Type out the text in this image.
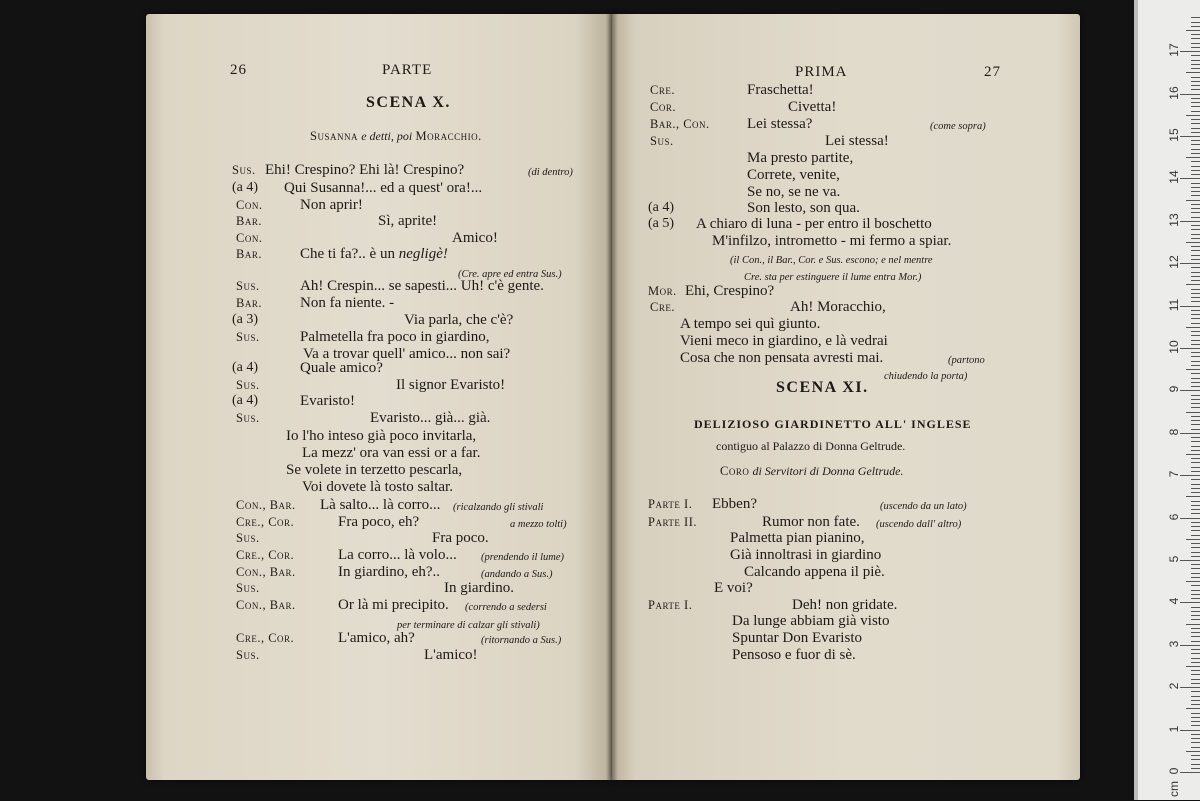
26	PARTE
SCENA X.
Susanna e detti, poi Moracchio.
Sus. Ehi! Crespino? Ehi là! Crespino?	(di dentro)
(a 4) Qui Susanna!... ed a quest' ora!...
Con.	Non aprir!
Bar.	Sì, aprite!
Con.	Amico!
Bar.	Che ti fa?.. è un negligè!
(Cre. apre ed entra Sus.)
Sus.	Ah! Crespin... se sapesti... Uh! c'è gente.
Bar.	Non fa niente. -
(a 3)	Via parla, che c'è?
Sus.	Palmetella fra poco in giardino,
Va a trovar quell' amico... non sai?
(a 4)	Quale amico?
Sus.	Il signor Evaristo!
(a 4)	Evaristo!
Sus.	Evaristo... già... già.
Io l'ho inteso già poco invitarla,
La mezz' ora van essi or a far.
Se volete in terzetto pescarla,
Voi dovete là tosto saltar.
Con., Bar. Là salto... là corro... (ricalzando gli stivali
Cre., Cor.	Fra poco, eh?	a mezzo tolti)
Sus.	Fra poco.
Cre., Cor.	La corro... là volo... (prendendo il lume)
Con., Bar.	In giardino, eh?..	(andando a Sus.)
Sus.	In giardino.
Con., Bar.	Or là mi precipito. (correndo a sedersi
per terminare di calzar gli stivali)
Cre., Cor.	L'amico, ah?	(ritornando a Sus.)
Sus.	L'amico!
PRIMA	27
Cre.	Fraschetta!
Cor.	Civetta!
Bar., Con. Lei stessa?	(come sopra)
Sus.	Lei stessa!
Ma presto partite,
Correte, venite,
Se no, se ne va.
(a 4)	Son lesto, son qua.
(a 5) A chiaro di luna - per entro il boschetto
M'infilzo, intrometto - mi fermo a spiar.
(il Con., il Bar., Cor. e Sus. escono; e nel mentre
Cre. sta per estinguere il lume entra Mor.)
Mor. Ehi, Crespino?
Cre.	Ah! Moracchio,
A tempo sei quì giunto.
Vieni meco in giardino, e là vedrai
Cosa che non pensata avresti mai.	(partono
chiudendo la porta)
SCENA XI.
DELIZIOSO GIARDINETTO ALL' INGLESE
contiguo al Palazzo di Donna Geltrude.
Coro di Servitori di Donna Geltrude.
Parte I. Ebben?	(uscendo da un lato)
Parte II.	Rumor non fate. (uscendo dall' altro)
Palmetta pian pianino,
Già innoltrasi in giardino
Calcando appena il piè.
E voi?
Parte I.	Deh! non gridate.
Da lunge abbiam già visto
Spuntar Don Evaristo
Pensoso e fuor di sè.
0
1
2
3
4
5
6
7
8
9
10
11
12
13
14
15
16
17
cm
